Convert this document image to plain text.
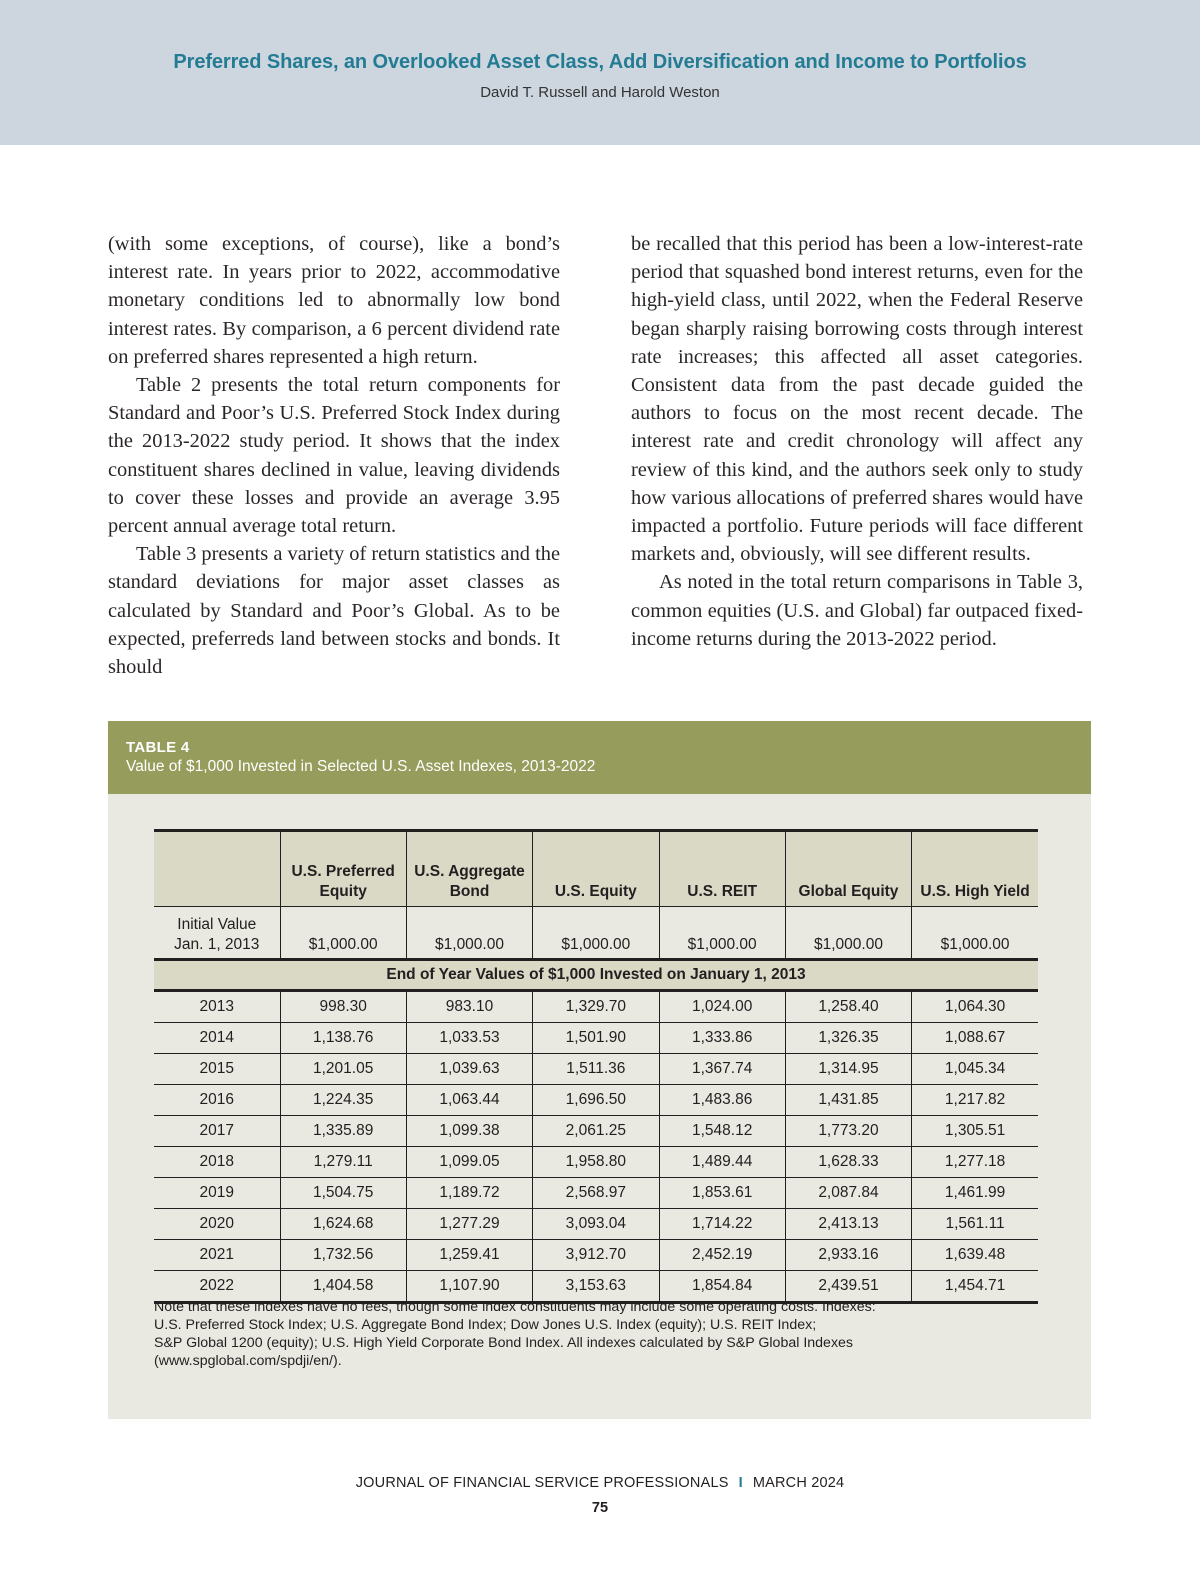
Preferred Shares, an Overlooked Asset Class, Add Diversification and Income to Portfolios
David T. Russell and Harold Weston

(with some exceptions, of course), like a bond’s interest rate. In years prior to 2022, accommodative monetary conditions led to abnormally low bond interest rates. By comparison, a 6 percent dividend rate on preferred shares represented a high return.

Table 2 presents the total return components for Standard and Poor’s U.S. Preferred Stock Index during the 2013-2022 study period. It shows that the index constituent shares declined in value, leaving dividends to cover these losses and provide an average 3.95 percent annual average total return.

Table 3 presents a variety of return statistics and the standard deviations for major asset classes as calculated by Standard and Poor’s Global. As to be expected, preferreds land between stocks and bonds. It should

be recalled that this period has been a low-interest-rate period that squashed bond interest returns, even for the high-yield class, until 2022, when the Federal Reserve began sharply raising borrowing costs through interest rate increases; this affected all asset categories. Consistent data from the past decade guided the authors to focus on the most recent decade. The interest rate and credit chronology will affect any review of this kind, and the authors seek only to study how various allocations of preferred shares would have impacted a portfolio. Future periods will face different markets and, obviously, will see different results.

As noted in the total return comparisons in Table 3, common equities (U.S. and Global) far outpaced fixed-income returns during the 2013-2022 period.

TABLE 4
Value of $1,000 Invested in Selected U.S. Asset Indexes, 2013-2022
	U.S. Preferred Equity	U.S. Aggregate Bond	U.S. Equity	U.S. REIT	Global Equity	U.S. High Yield

Initial Value
Jan. 1, 2013	$1,000.00	$1,000.00	$1,000.00	$1,000.00	$1,000.00	$1,000.00
End of Year Values of $1,000 Invested on January 1, 2013						
2013	998.30	983.10	1,329.70	1,024.00	1,258.40	1,064.30
2014	1,138.76	1,033.53	1,501.90	1,333.86	1,326.35	1,088.67
2015	1,201.05	1,039.63	1,511.36	1,367.74	1,314.95	1,045.34
2016	1,224.35	1,063.44	1,696.50	1,483.86	1,431.85	1,217.82
2017	1,335.89	1,099.38	2,061.25	1,548.12	1,773.20	1,305.51
2018	1,279.11	1,099.05	1,958.80	1,489.44	1,628.33	1,277.18
2019	1,504.75	1,189.72	2,568.97	1,853.61	2,087.84	1,461.99
2020	1,624.68	1,277.29	3,093.04	1,714.22	2,413.13	1,561.11
2021	1,732.56	1,259.41	3,912.70	2,452.19	2,933.16	1,639.48
2022	1,404.58	1,107.90	3,153.63	1,854.84	2,439.51	1,454.71
Note that these indexes have no fees, though some index constituents may include some operating costs. Indexes:
U.S. Preferred Stock Index; U.S. Aggregate Bond Index; Dow Jones U.S. Index (equity); U.S. REIT Index;
S&P Global 1200 (equity); U.S. High Yield Corporate Bond Index. All indexes calculated by S&P Global Indexes
(www.spglobal.com/spdji/en/).
JOURNAL OF FINANCIAL SERVICE PROFESSIONALS I MARCH 2024
75
